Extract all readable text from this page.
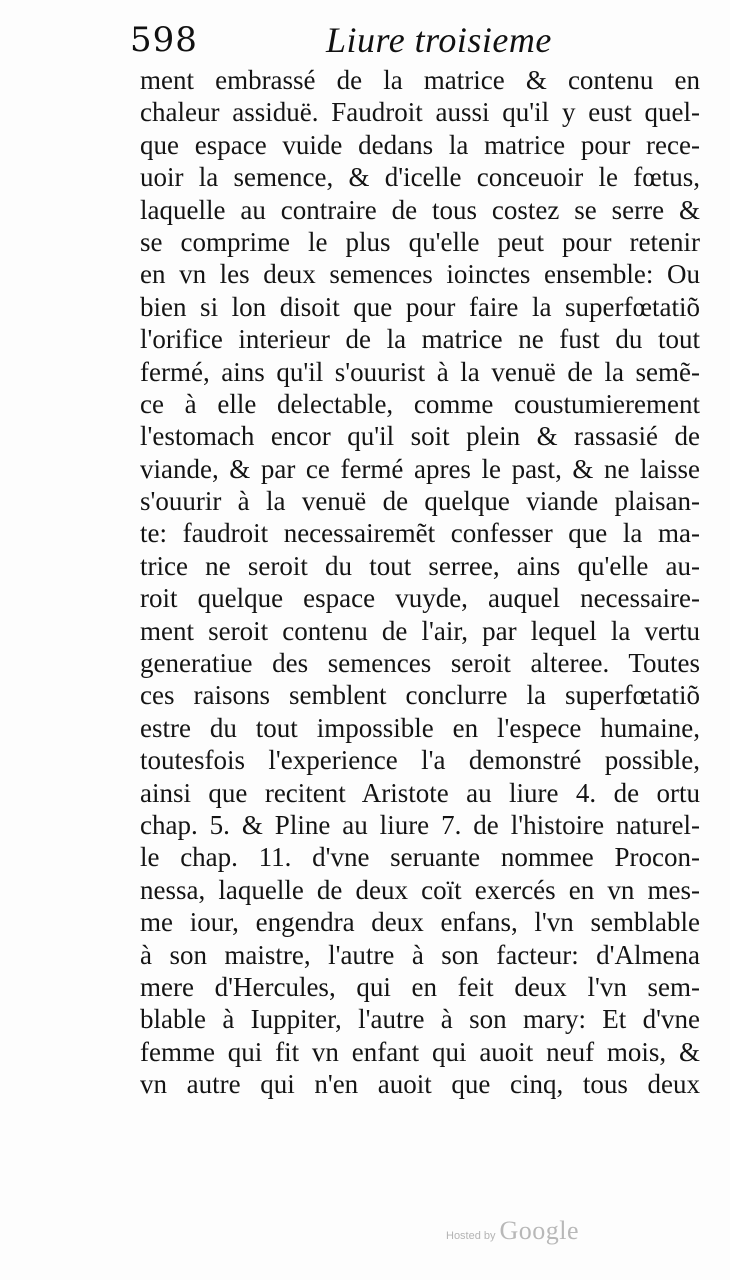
598	Liure troisieme
ment embrassé de la matrice & contenu en
chaleur assiduë. Faudroit aussi qu'il y eust quel-
que espace vuide dedans la matrice pour rece-
uoir la semence, & d'icelle conceuoir le fœtus,
laquelle au contraire de tous costez se serre &
se comprime le plus qu'elle peut pour retenir
en vn les deux semences ioinctes ensemble: Ou
bien si lon disoit que pour faire la superfœtatiõ
l'orifice interieur de la matrice ne fust du tout
fermé, ains qu'il s'ouurist à la venuë de la semẽ-
ce à elle delectable, comme coustumierement
l'estomach encor qu'il soit plein & rassasié de
viande, & par ce fermé apres le past, & ne laisse
s'ouurir à la venuë de quelque viande plaisan-
te: faudroit necessairemẽt confesser que la ma-
trice ne seroit du tout serree, ains qu'elle au-
roit quelque espace vuyde, auquel necessaire-
ment seroit contenu de l'air, par lequel la vertu
generatiue des semences seroit alteree. Toutes
ces raisons semblent conclurre la superfœtatiõ
estre du tout impossible en l'espece humaine,
toutesfois l'experience l'a demonstré possible,
ainsi que recitent Aristote au liure 4. de ortu
chap. 5. & Pline au liure 7. de l'histoire naturel-
le chap. 11. d'vne seruante nommee Procon-
nessa, laquelle de deux coït exercés en vn mes-
me iour, engendra deux enfans, l'vn semblable
à son maistre, l'autre à son facteur: d'Almena
mere d'Hercules, qui en feit deux l'vn sem-
blable à Iuppiter, l'autre à son mary: Et d'vne
femme qui fit vn enfant qui auoit neuf mois, &
vn autre qui n'en auoit que cinq, tous deux
Hosted by Google
